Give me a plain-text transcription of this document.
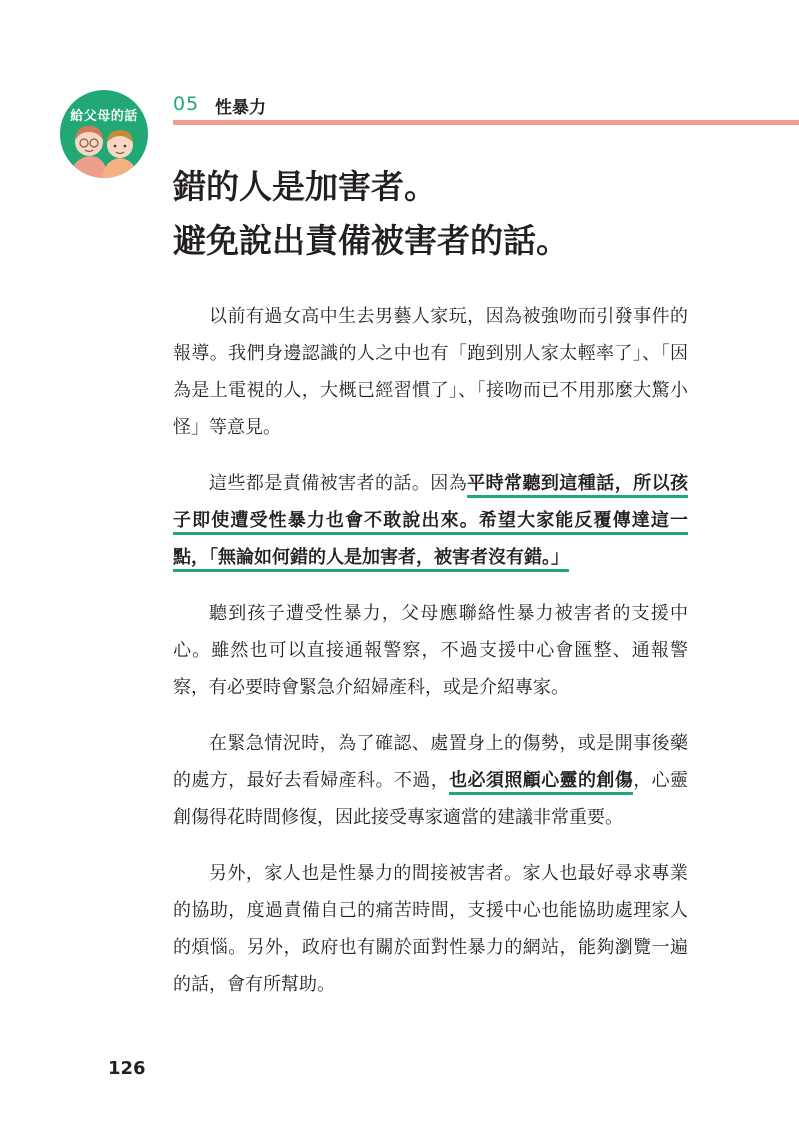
給父母的話
05 性暴力
錯的人是加害者。
避免說出責備被害者的話。

以前有過女高中生去男藝人家玩，因為被強吻而引發事件的報導。我們身邊認識的人之中也有「跑到別人家太輕率了」、「因為是上電視的人，大概已經習慣了」、「接吻而已不用那麼大驚小怪」等意見。

這些都是責備被害者的話。因為平時常聽到這種話，所以孩子即使遭受性暴力也會不敢說出來。希望大家能反覆傳達這一點，「無論如何錯的人是加害者，被害者沒有錯。」

聽到孩子遭受性暴力，父母應聯絡性暴力被害者的支援中心。雖然也可以直接通報警察，不過支援中心會匯整、通報警察，有必要時會緊急介紹婦產科，或是介紹專家。

在緊急情況時，為了確認、處置身上的傷勢，或是開事後藥的處方，最好去看婦產科。不過，也必須照顧心靈的創傷，心靈創傷得花時間修復，因此接受專家適當的建議非常重要。

另外，家人也是性暴力的間接被害者。家人也最好尋求專業的協助，度過責備自己的痛苦時間，支援中心也能協助處理家人的煩惱。另外，政府也有關於面對性暴力的網站，能夠瀏覽一遍的話，會有所幫助。

126
